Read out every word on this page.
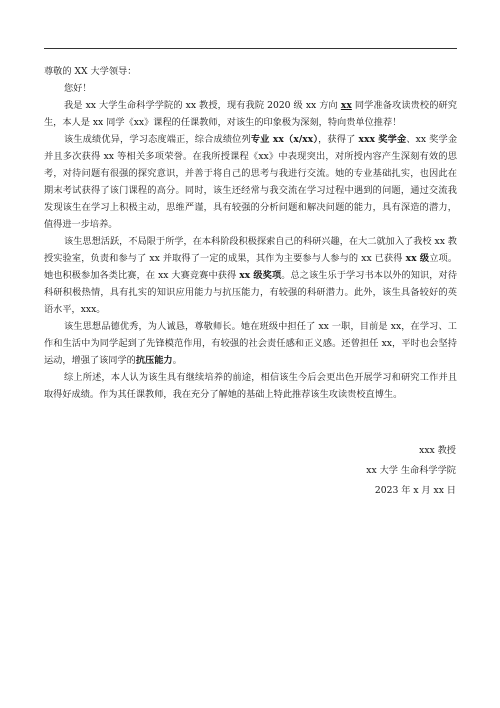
尊敬的 XX 大学领导：

您好！

我是 xx 大学生命科学学院的 xx 教授，现有我院 2020 级 xx 方向 xx 同学准备攻读贵校的研究生，本人是 xx 同学《xx》课程的任课教师，对该生的印象极为深刻，特向贵单位推荐！

该生成绩优异，学习态度端正，综合成绩位列专业 xx（x/xx），获得了 xxx 奖学金、xx 奖学金并且多次获得 xx 等相关多项荣誉。在我所授课程《xx》中表现突出，对所授内容产生深刻有效的思考，对待问题有很强的探究意识，并善于将自己的思考与我进行交流。她的专业基础扎实，也因此在期末考试获得了该门课程的高分。同时，该生还经常与我交流在学习过程中遇到的问题，通过交流我发现该生在学习上积极主动，思维严谨，具有较强的分析问题和解决问题的能力，具有深造的潜力，值得进一步培养。

该生思想活跃，不局限于所学，在本科阶段积极探索自己的科研兴趣，在大二就加入了我校 xx 教授实验室，负责和参与了 xx 并取得了一定的成果，其作为主要参与人参与的 xx 已获得 xx 级立项。她也积极参加各类比赛，在 xx 大赛竞赛中获得 xx 级奖项。总之该生乐于学习书本以外的知识，对待科研积极热情，具有扎实的知识应用能力与抗压能力，有较强的科研潜力。此外，该生具备较好的英语水平，xxx。

该生思想品德优秀，为人诚恳，尊敬师长。她在班级中担任了 xx 一职，目前是 xx，在学习、工作和生活中为同学起到了先锋模范作用，有较强的社会责任感和正义感。还曾担任 xx，平时也会坚持运动，增强了该同学的抗压能力。

综上所述，本人认为该生具有继续培养的前途，相信该生今后会更出色开展学习和研究工作并且取得好成绩。作为其任课教师，我在充分了解她的基础上特此推荐该生攻读贵校直博生。

xxx 教授
xx 大学 生命科学学院
2023 年 x 月 xx 日
